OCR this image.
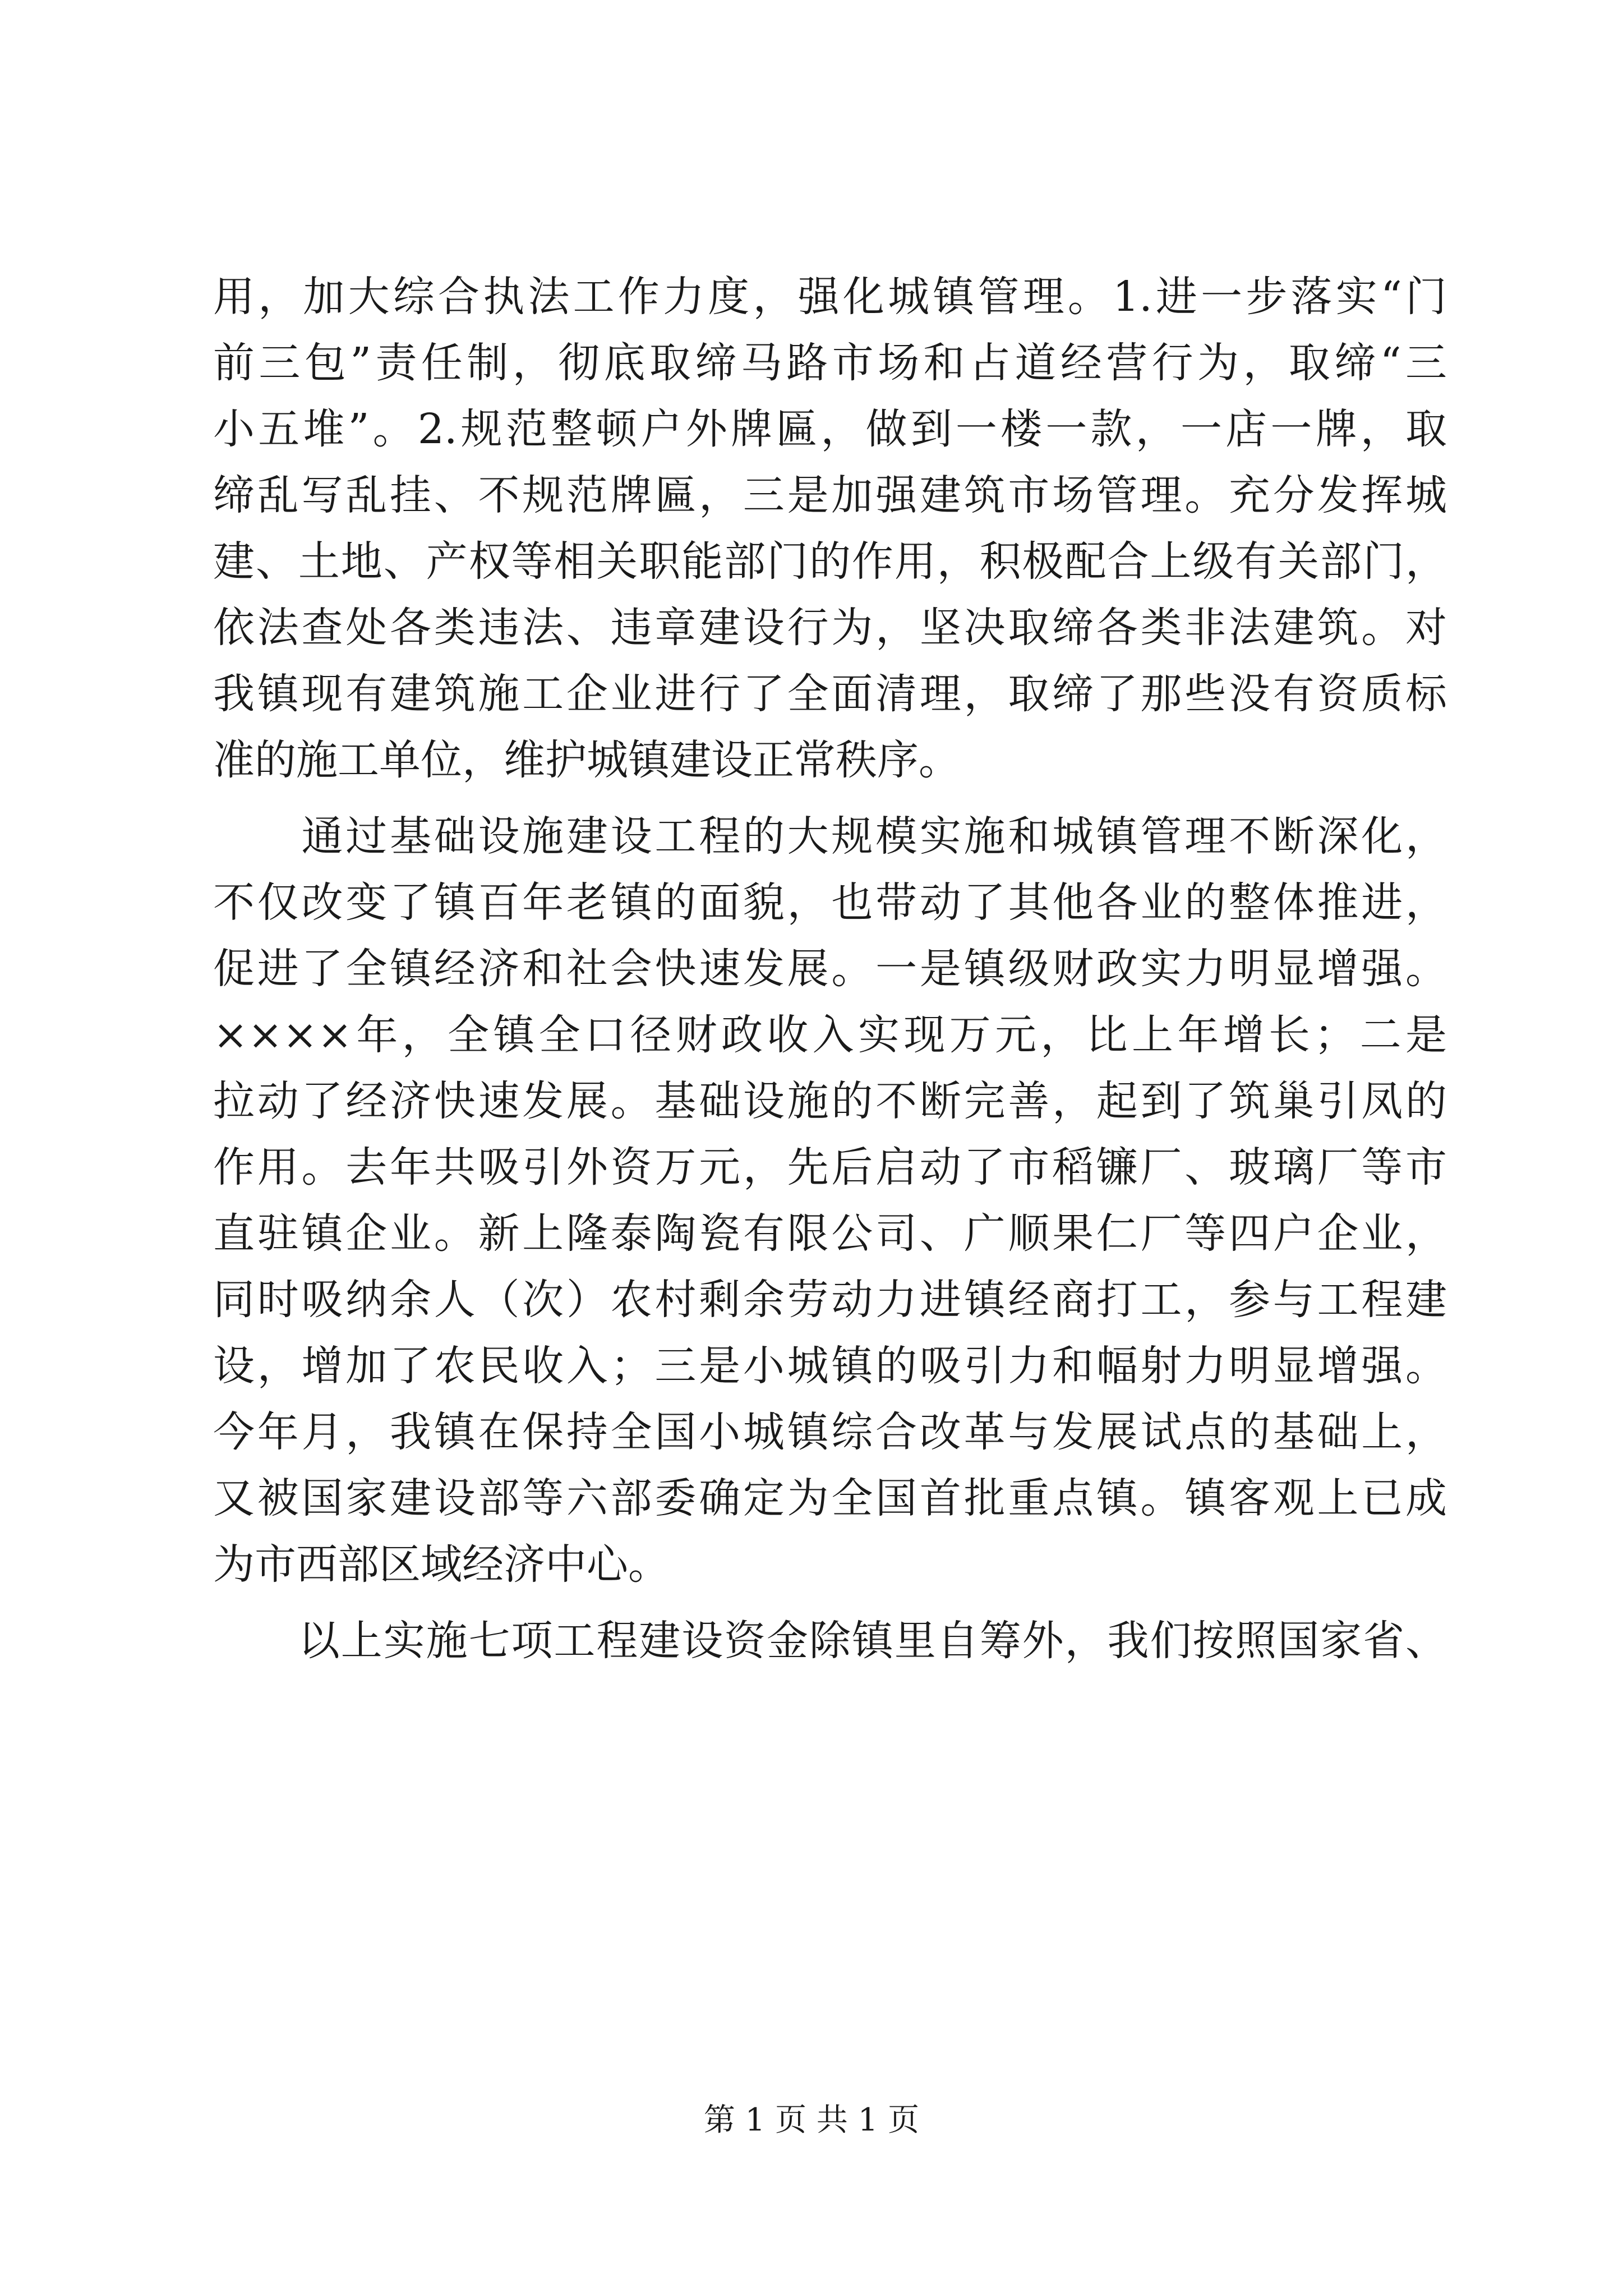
用，加大综合执法工作力度，强化城镇管理。1.进一步落实“门
前三包”责任制，彻底取缔马路市场和占道经营行为，取缔“三
小五堆”。2.规范整顿户外牌匾，做到一楼一款，一店一牌，取
缔乱写乱挂、不规范牌匾，三是加强建筑市场管理。充分发挥城
建、土地、产权等相关职能部门的作用，积极配合上级有关部门，
依法查处各类违法、违章建设行为，坚决取缔各类非法建筑。对
我镇现有建筑施工企业进行了全面清理，取缔了那些没有资质标
准的施工单位，维护城镇建设正常秩序。
　　通过基础设施建设工程的大规模实施和城镇管理不断深化，
不仅改变了镇百年老镇的面貌，也带动了其他各业的整体推进，
促进了全镇经济和社会快速发展。一是镇级财政实力明显增强。
××××年，全镇全口径财政收入实现万元，比上年增长；二是
拉动了经济快速发展。基础设施的不断完善，起到了筑巢引凤的
作用。去年共吸引外资万元，先后启动了市稻镰厂、玻璃厂等市
直驻镇企业。新上隆泰陶瓷有限公司、广顺果仁厂等四户企业，
同时吸纳余人（次）农村剩余劳动力进镇经商打工，参与工程建
设，增加了农民收入；三是小城镇的吸引力和幅射力明显增强。
今年月，我镇在保持全国小城镇综合改革与发展试点的基础上，
又被国家建设部等六部委确定为全国首批重点镇。镇客观上已成
为市西部区域经济中心。
　　以上实施七项工程建设资金除镇里自筹外，我们按照国家省、
第 1 页 共 1 页
